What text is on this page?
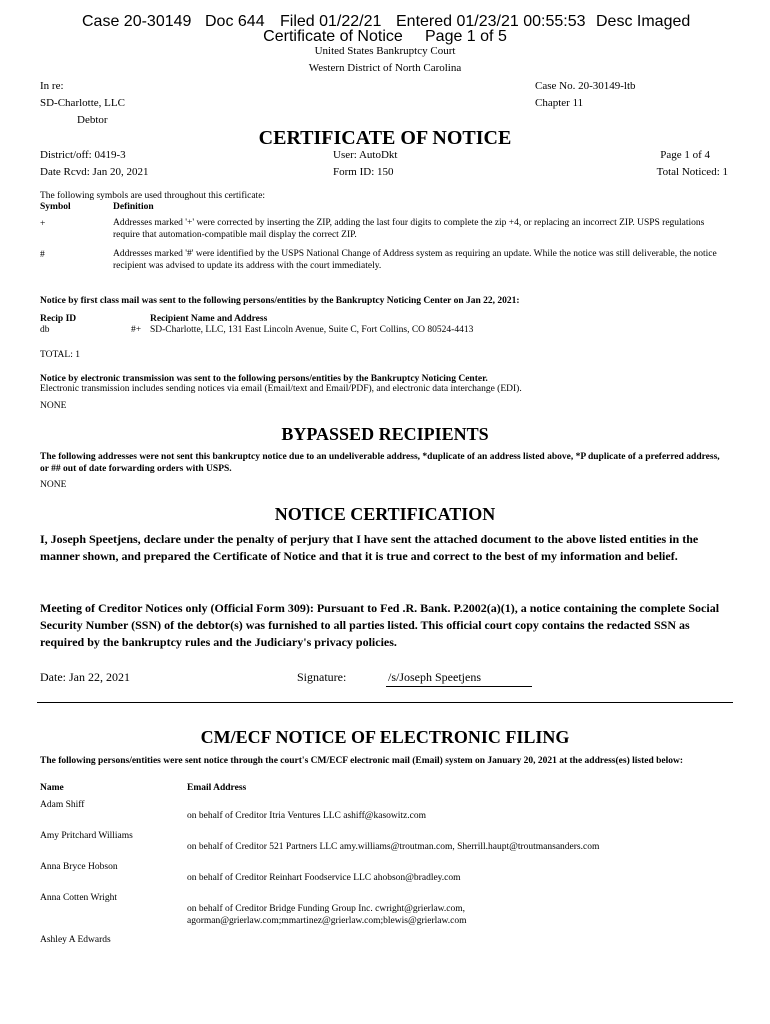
Case 20-30149 Doc 644 Filed 01/22/21 Entered 01/23/21 00:55:53 Desc Imaged
Certificate of Notice     Page 1 of 5
United States Bankruptcy Court
Western District of North Carolina
In re:
SD-Charlotte, LLC
Debtor
Case No. 20-30149-ltb
Chapter 11
CERTIFICATE OF NOTICE
District/off: 0419-3
Date Rcvd: Jan 20, 2021
User: AutoDkt
Form ID: 150
Page 1 of 4
Total Noticed: 1
The following symbols are used throughout this certificate:
Symbol	Definition
+	Addresses marked '+' were corrected by inserting the ZIP, adding the last four digits to complete the zip +4, or replacing an incorrect ZIP. USPS regulations require that automation-compatible mail display the correct ZIP.
#	Addresses marked '#' were identified by the USPS National Change of Address system as requiring an update. While the notice was still deliverable, the notice recipient was advised to update its address with the court immediately.
Notice by first class mail was sent to the following persons/entities by the Bankruptcy Noticing Center on Jan 22, 2021:
Recip ID	Recipient Name and Address
db	#+ SD-Charlotte, LLC, 131 East Lincoln Avenue, Suite C, Fort Collins, CO 80524-4413
TOTAL: 1
Notice by electronic transmission was sent to the following persons/entities by the Bankruptcy Noticing Center.
Electronic transmission includes sending notices via email (Email/text and Email/PDF), and electronic data interchange (EDI).
NONE
BYPASSED RECIPIENTS
The following addresses were not sent this bankruptcy notice due to an undeliverable address, *duplicate of an address listed above, *P duplicate of a preferred address, or ## out of date forwarding orders with USPS.
NONE
NOTICE CERTIFICATION
I, Joseph Speetjens, declare under the penalty of perjury that I have sent the attached document to the above listed entities in the manner shown, and prepared the Certificate of Notice and that it is true and correct to the best of my information and belief.
Meeting of Creditor Notices only (Official Form 309): Pursuant to Fed .R. Bank. P.2002(a)(1), a notice containing the complete Social Security Number (SSN) of the debtor(s) was furnished to all parties listed. This official court copy contains the redacted SSN as required by the bankruptcy rules and the Judiciary's privacy policies.
Date: Jan 22, 2021	Signature:	/s/Joseph Speetjens
CM/ECF NOTICE OF ELECTRONIC FILING
The following persons/entities were sent notice through the court's CM/ECF electronic mail (Email) system on January 20, 2021 at the address(es) listed below:
Name	Email Address
Adam Shiff
on behalf of Creditor Itria Ventures LLC ashiff@kasowitz.com
Amy Pritchard Williams
on behalf of Creditor 521 Partners LLC amy.williams@troutman.com, Sherrill.haupt@troutmansanders.com
Anna Bryce Hobson
on behalf of Creditor Reinhart Foodservice LLC ahobson@bradley.com
Anna Cotten Wright
on behalf of Creditor Bridge Funding Group Inc. cwright@grierlaw.com, agorman@grierlaw.com;mmartinez@grierlaw.com;blewis@grierlaw.com
Ashley A Edwards
